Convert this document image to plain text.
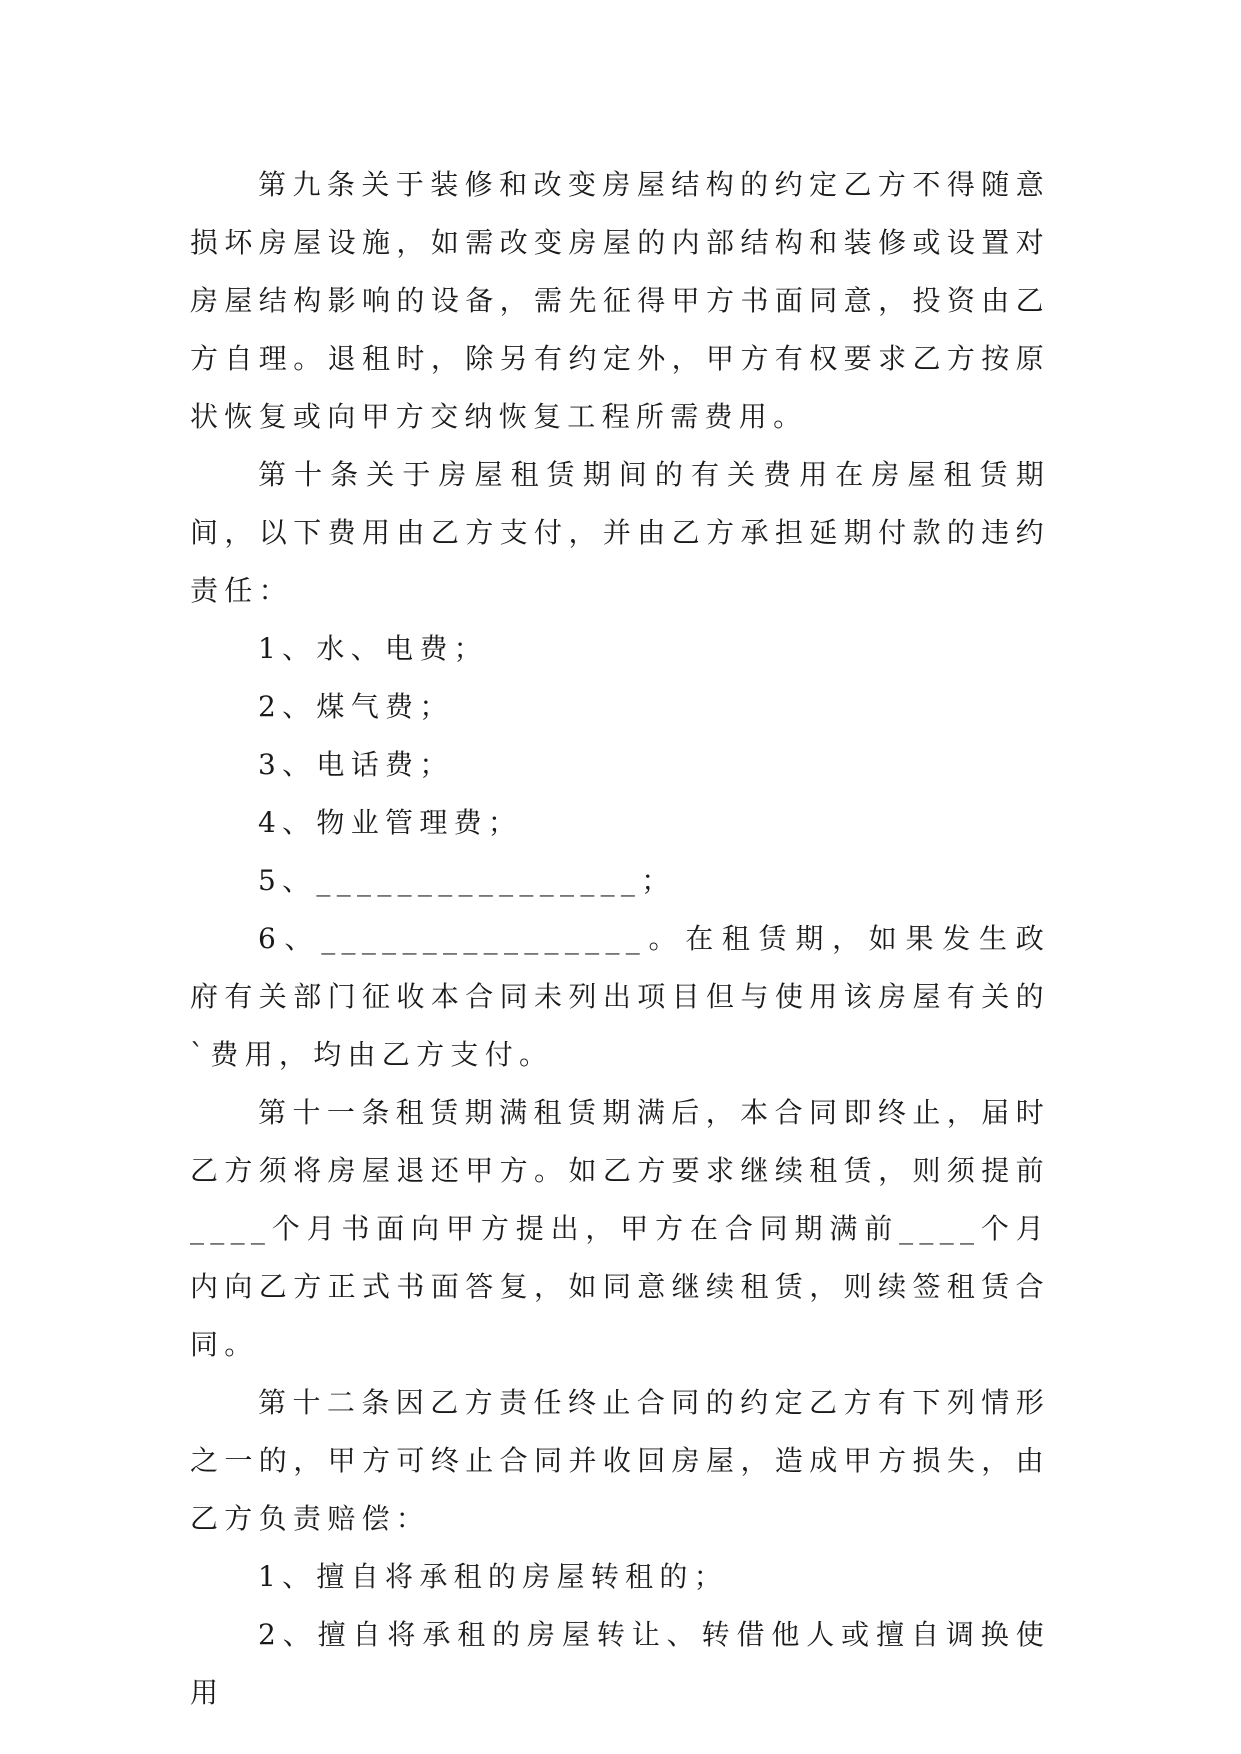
第九条关于装修和改变房屋结构的约定乙方不得随意损坏房屋设施，如需改变房屋的内部结构和装修或设置对房屋结构影响的设备，需先征得甲方书面同意，投资由乙方自理。退租时，除另有约定外，甲方有权要求乙方按原状恢复或向甲方交纳恢复工程所需费用。

第十条关于房屋租赁期间的有关费用在房屋租赁期间，以下费用由乙方支付，并由乙方承担延期付款的违约责任：

1、水、电费；

2、煤气费；

3、电话费；

4、物业管理费；

5、________________；

6、________________。在租赁期，如果发生政府有关部门征收本合同未列出项目但与使用该房屋有关的`费用，均由乙方支付。

第十一条租赁期满租赁期满后，本合同即终止，届时乙方须将房屋退还甲方。如乙方要求继续租赁，则须提前____个月书面向甲方提出，甲方在合同期满前____个月内向乙方正式书面答复，如同意继续租赁，则续签租赁合同。

第十二条因乙方责任终止合同的约定乙方有下列情形之一的，甲方可终止合同并收回房屋，造成甲方损失，由乙方负责赔偿：

1、擅自将承租的房屋转租的；

2、擅自将承租的房屋转让、转借他人或擅自调换使用
